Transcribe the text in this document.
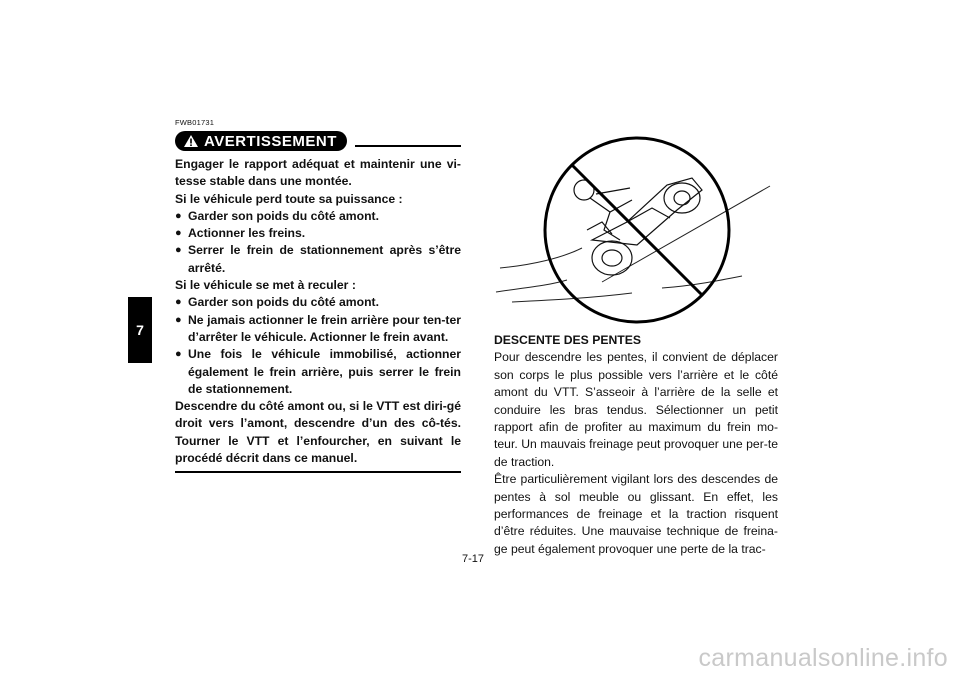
7
FWB01731
AVERTISSEMENT

Engager le rapport adéquat et maintenir une vi-tesse stable dans une montée.

Si le véhicule perd toute sa puissance :

● Garder son poids du côté amont.
● Actionner les freins.
● Serrer le frein de stationnement après s’être arrêté.

Si le véhicule se met à reculer :

● Garder son poids du côté amont.
● Ne jamais actionner le frein arrière pour ten-ter d’arrêter le véhicule. Actionner le frein avant.
● Une fois le véhicule immobilisé, actionner également le frein arrière, puis serrer le frein de stationnement.

Descendre du côté amont ou, si le VTT est diri-gé droit vers l’amont, descendre d’un des cô-tés. Tourner le VTT et l’enfourcher, en suivant le procédé décrit dans ce manuel.

DESCENTE DES PENTES

Pour descendre les pentes, il convient de déplacer son corps le plus possible vers l’arrière et le côté amont du VTT. S’asseoir à l’arrière de la selle et conduire les bras tendus. Sélectionner un petit rapport afin de profiter au maximum du frein mo-teur. Un mauvais freinage peut provoquer une per-te de traction.

Être particulièrement vigilant lors des descendes de pentes à sol meuble ou glissant. En effet, les performances de freinage et la traction risquent d’être réduites. Une mauvaise technique de freina-ge peut également provoquer une perte de la trac-

7-17
carmanualsonline.info
